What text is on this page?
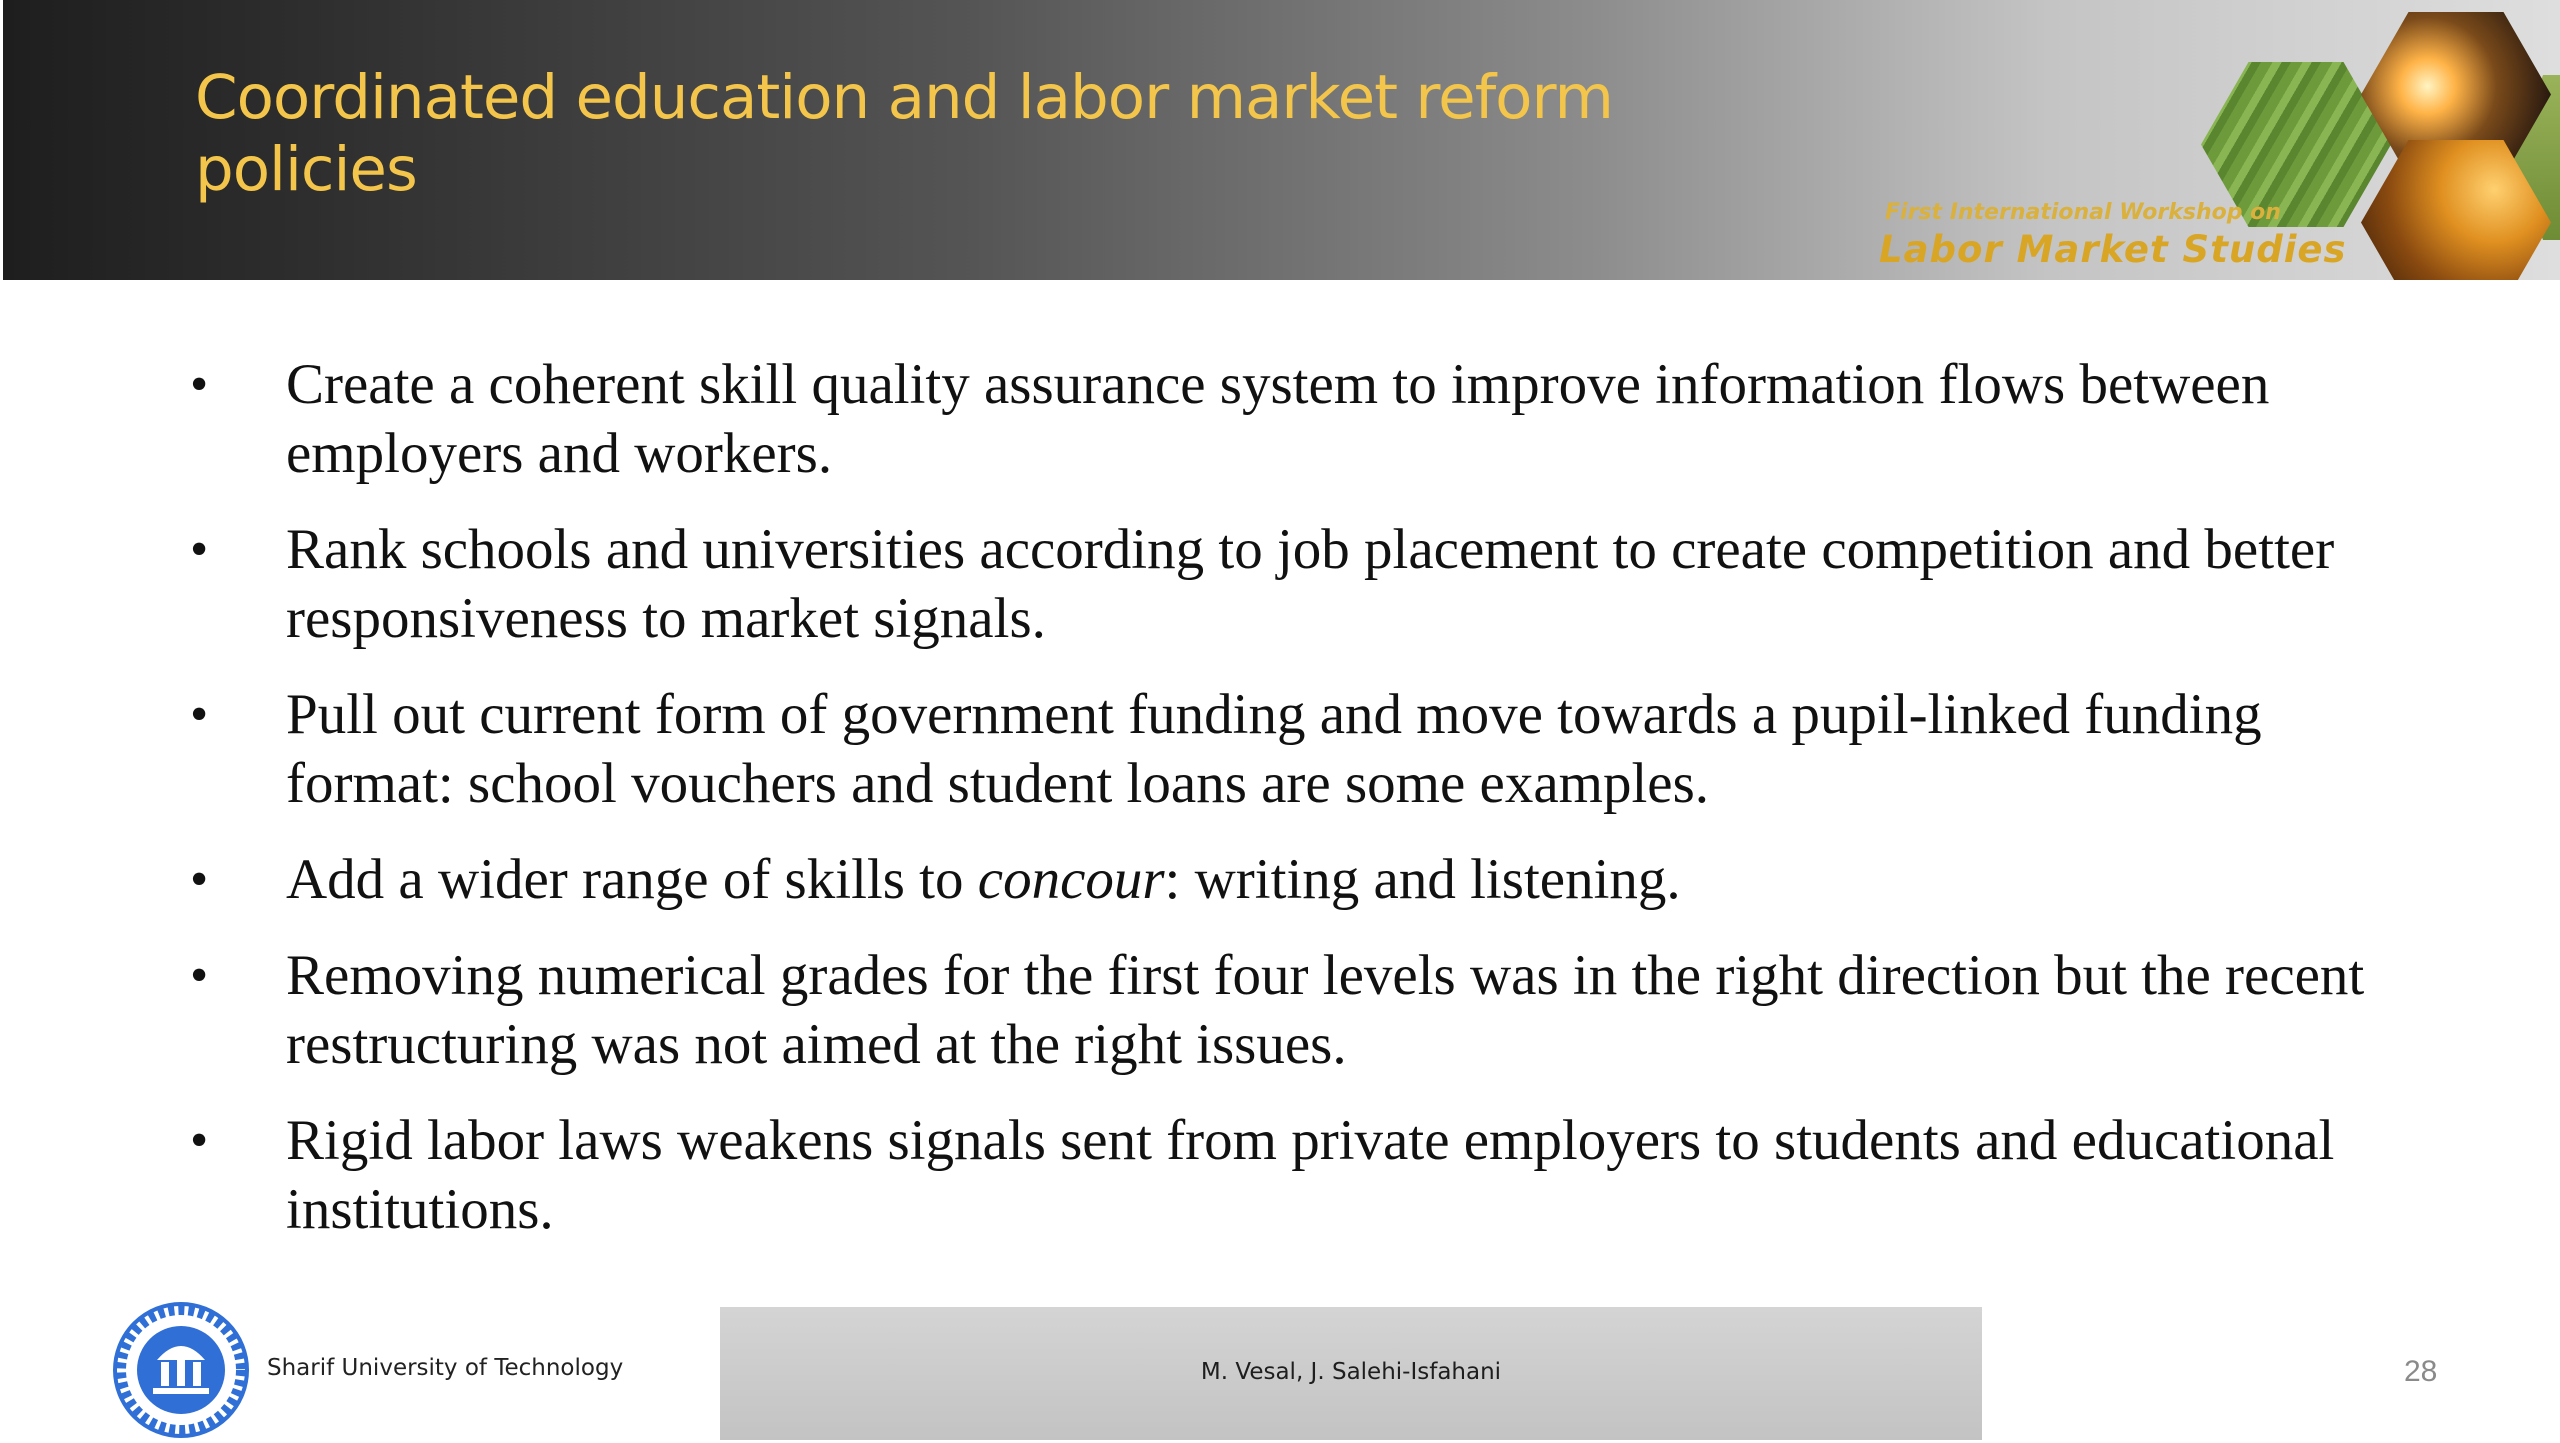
Coordinated education and labor market reform policies
First International Workshop on
Labor Market Studies
• Create a coherent skill quality assurance system to improve information flows between employers and workers.
• Rank schools and universities according to job placement to create competition and better responsiveness to market signals.
• Pull out current form of government funding and move towards a pupil-linked funding format: school vouchers and student loans are some examples.
• Add a wider range of skills to concour: writing and listening.
• Removing numerical grades for the first four levels was in the right direction but the recent restructuring was not aimed at the right issues.
• Rigid labor laws weakens signals sent from private employers to students and educational institutions.
Sharif University of Technology	M. Vesal, J. Salehi-Isfahani	28
